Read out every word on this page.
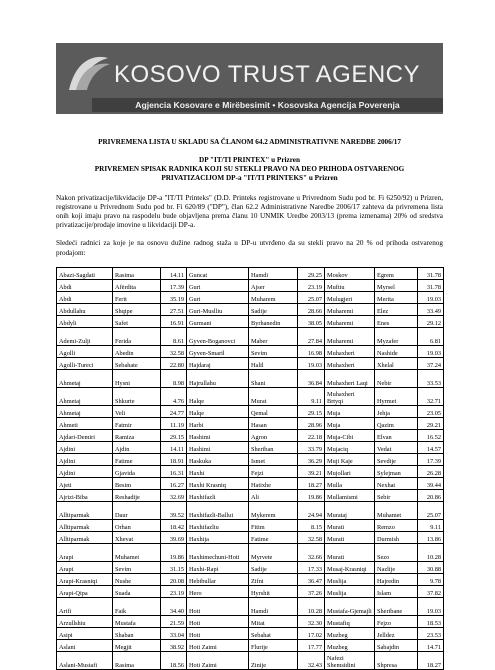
KOSOVO TRUST AGENCY
Agjencia Kosovare e Mirëbesimit • Kosovska Agencija Poverenja
PRIVREMENA LISTA U SKLADU SA ČLANOM 64.2 ADMINISTRATIVNE NAREDBE 2006/17
DP "IT/TI PRINTEX" u Prizren
PRIVREMEN SPISAK RADNIKA KOJI SU STEKLI PRAVO NA DEO PRIHODA OSTVARENOG
PRIVATIZACIJOM DP-a "IT/TI PRINTEKS" u Prizren
Nakon privatizacije/likvidacije DP-a "IT/TI Printeks" (D.D. Printeks registrovane u Privrednom Sudu pod br. Fi 6250/92) u Prizren, registrovane u Privrednom Sudu pod br. Fi 620/89 ("DP"), član 62.2 Administrativne Naredbe 2006/17 zahteva da privremena lista onih koji imaju pravo na raspodelu bude objavljena prema članu 10 UNMIK Uredbe 2003/13 (prema izmenama) 20% od sredstva privatizacije/prodaje imovine u likvidaciji DP-a.
Sledeći radnici za koje je na osnovu dužine radnog staža u DP-u utvrđeno da su stekli pravo na 20 % od prihoda ostvarenog prodajom:
Abazi-Sagdati	Rasima	14.11	Guncat	Hamdi	29.25	Moskov	Egrem	31.78
Abdi	Afërdita	17.39	Guri	Ajser	23.19	Muftiu	Myrsel	31.78
Abdi	Ferit	35.19	Guri	Muharem	25.07	Mulugjeri	Merita	19.03
Abdullahu	Shqipe	27.51	Guri-Muslliu	Sadije	28.66	Muharemi	Elez	33.49
Abdyli	Safet	16.91	Gurmani	Byrhanedin	38.05	Muharemi	Enes	29.12
Ademi-Zulji	Ferida	8.61	Gyven-Boganovci	Maber	27.84	Muharemi	Myzafer	6.81
Agolli	Abedin	32.58	Gyven-Smaril	Sevim	16.98	Muhaxheri	Nashide	19.03
Agolli-Tureci	Sebahate	22.80	Hajdaraj	Halil	19.03	Muhaxheri	Xhelal	37.24
Ahmetaj	Hysni	8.98	Hajrullahu	Shani	36.84	Muhaxheri Laqi	Nebir	33.53
Ahmetaj	Shkurte	4.76	Halqe	Murat	9.11	Muhaxheri Brtyqi	Hyrmet	32.71
Ahmetaj	Veli	24.77	Halqe	Qemal	29.15	Muja	Jehja	23.05
Ahmeti	Fatmir	11.19	Harbi	Hasan	28.96	Muja	Qazim	29.21
Ajdari-Demiri	Ramiza	29.15	Hashimi	Agron	22.18	Muja-Cibi	Elvan	16.52
Ajdini	Ajdin	14.11	Hashimi	Sheriban	33.79	Mujaciq	Vedat	14.57
Ajdini	Fatime	18.91	Haskuka	Ismet	36.29	Muji Kaje	Sevdije	17.39
Ajdini	Gjavida	16.31	Haxhi	Fejzi	39.21	Mujollari	Sylejman	26.28
Ajeti	Besim	16.27	Haxhi Krasniq	Hatixhe	18.27	Mulla	Nexhat	39.44
Ajrizi-Biba	Reshadije	32.69	Haxhifazli	Ali	19.86	Mullamismi	Sebir	20.86
Alltiparmak	Daur	39.52	Haxhifazli-Ballui	Mykerem	24.94	Murataj	Muhamet	25.07
Alltiparmak	Orhan	18.42	Haxhifazliu	Fitim	8.15	Murati	Remzo	9.11
Alltiparmak	Xhevat	39.69	Haxhija	Fatime	32.58	Murati	Durmish	13.86
Arapi	Muhamet	19.86	Haxhimechuni-Hoti	Myrvete	32.66	Murati	Sezo	10.28
Arapi	Sevim	31.15	Haxhi-Rapi	Sadije	17.33	Musaj-Krasniqi	Nazlije	30.88
Arapi-Krasniqi	Nushe	20.08	Hebibullar	Zifni	36.47	Muslija	Hajredin	9.78
Arapi-Qipa	Suada	23.19	Hero	Hyrshit	37.26	Muslija	Islam	37.82
Arifi	Faik	34.40	Hoti	Hamdi	10.28	Mustafa-Gjemajli	Sheribane	19.03
Arzullshiu	Mustafa	21.59	Hoti	Mitat	32.30	Mustafiq	Fejzo	18.53
Asipi	Shaban	33.04	Hoti	Sebahat	17.02	Muzbeg	Jelldez	23.53
Aslani	Megjit	38.92	Hoti Zaimi	Flurije	17.77	Muzbeg	Sabajdin	14.71
Aslani-Mustafi	Rasima	18.56	Hoti Zaimi	Zinije	32.43	Nafezi Shemsidini	Shpresa	18.27
